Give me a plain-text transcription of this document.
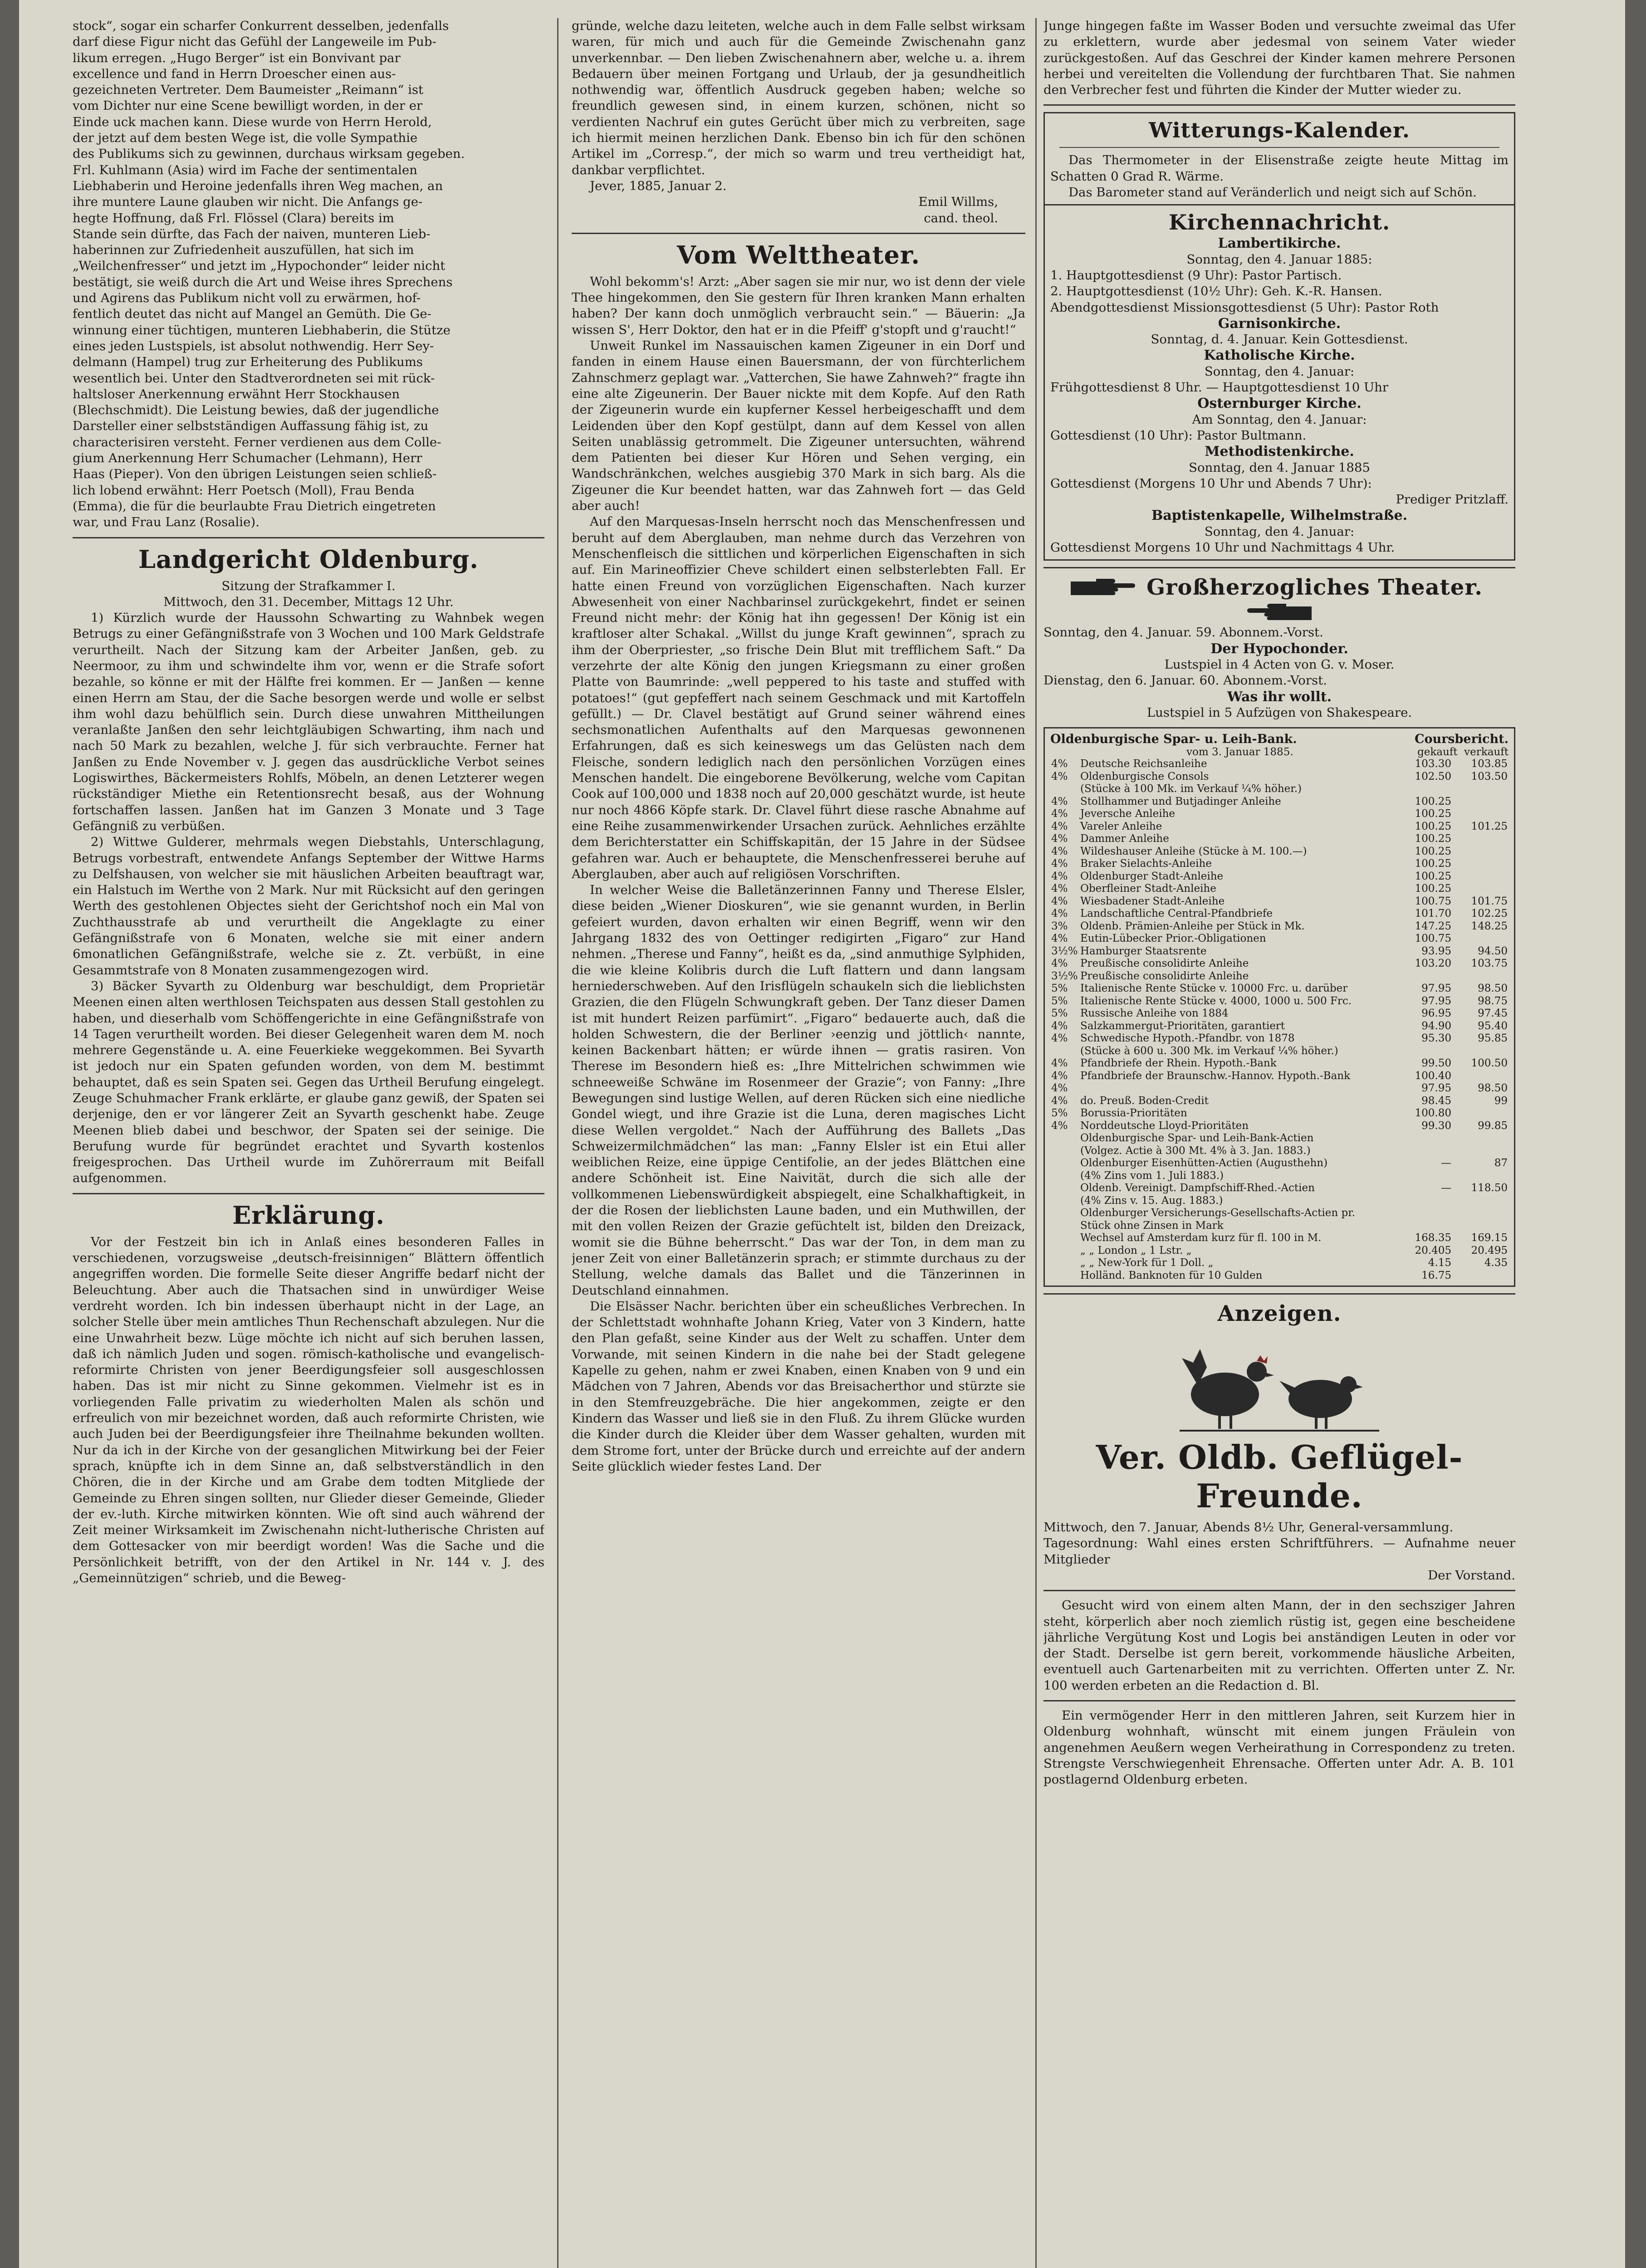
stock“, sogar ein scharfer Conkurrent desselben, jedenfalls

darf diese Figur nicht das Gefühl der Langeweile im Pub-

likum erregen. „Hugo Berger“ ist ein Bonvivant par

excellence und fand in Herrn Droescher einen aus-

gezeichneten Vertreter. Dem Baumeister „Reimann“ ist

vom Dichter nur eine Scene bewilligt worden, in der er

Einde uck machen kann. Diese wurde von Herrn Herold,

der jetzt auf dem besten Wege ist, die volle Sympathie

des Publikums sich zu gewinnen, durchaus wirksam gegeben.

Frl. Kuhlmann (Asia) wird im Fache der sentimentalen

Liebhaberin und Heroine jedenfalls ihren Weg machen, an

ihre muntere Laune glauben wir nicht. Die Anfangs ge-

hegte Hoffnung, daß Frl. Flössel (Clara) bereits im

Stande sein dürfte, das Fach der naiven, munteren Lieb-

haberinnen zur Zufriedenheit auszufüllen, hat sich im

„Weilchenfresser“ und jetzt im „Hypochonder“ leider nicht

bestätigt, sie weiß durch die Art und Weise ihres Sprechens

und Agirens das Publikum nicht voll zu erwärmen, hof-

fentlich deutet das nicht auf Mangel an Gemüth. Die Ge-

winnung einer tüchtigen, munteren Liebhaberin, die Stütze

eines jeden Lustspiels, ist absolut nothwendig. Herr Sey-

delmann (Hampel) trug zur Erheiterung des Publikums

wesentlich bei. Unter den Stadtverordneten sei mit rück-

haltsloser Anerkennung erwähnt Herr Stockhausen

(Blechschmidt). Die Leistung bewies, daß der jugendliche

Darsteller einer selbstständigen Auffassung fähig ist, zu

characterisiren versteht. Ferner verdienen aus dem Colle-

gium Anerkennung Herr Schumacher (Lehmann), Herr

Haas (Pieper). Von den übrigen Leistungen seien schließ-

lich lobend erwähnt: Herr Poetsch (Moll), Frau Benda

(Emma), die für die beurlaubte Frau Dietrich eingetreten

war, und Frau Lanz (Rosalie).

Landgericht Oldenburg.

Sitzung der Strafkammer I.

Mittwoch, den 31. December, Mittags 12 Uhr.

1) Kürzlich wurde der Haussohn Schwarting zu Wahnbek wegen Betrugs zu einer Gefängnißstrafe von 3 Wochen und 100 Mark Geldstrafe verurtheilt. Nach der Sitzung kam der Arbeiter Janßen, geb. zu Neermoor, zu ihm und schwindelte ihm vor, wenn er die Strafe sofort bezahle, so könne er mit der Hälfte frei kommen. Er — Janßen — kenne einen Herrn am Stau, der die Sache besorgen werde und wolle er selbst ihm wohl dazu behülflich sein. Durch diese unwahren Mittheilungen veranlaßte Janßen den sehr leichtgläubigen Schwarting, ihm nach und nach 50 Mark zu bezahlen, welche J. für sich verbrauchte. Ferner hat Janßen zu Ende November v. J. gegen das ausdrückliche Verbot seines Logiswirthes, Bäckermeisters Rohlfs, Möbeln, an denen Letzterer wegen rückständiger Miethe ein Retentionsrecht besaß, aus der Wohnung fortschaffen lassen. Janßen hat im Ganzen 3 Monate und 3 Tage Gefängniß zu verbüßen.

2) Wittwe Gulderer, mehrmals wegen Diebstahls, Unterschlagung, Betrugs vorbestraft, entwendete Anfangs September der Wittwe Harms zu Delfshausen, von welcher sie mit häuslichen Arbeiten beauftragt war, ein Halstuch im Werthe von 2 Mark. Nur mit Rücksicht auf den geringen Werth des gestohlenen Objectes sieht der Gerichtshof noch ein Mal von Zuchthausstrafe ab und verurtheilt die Angeklagte zu einer Gefängnißstrafe von 6 Monaten, welche sie mit einer andern 6monatlichen Gefängnißstrafe, welche sie z. Zt. verbüßt, in eine Gesammtstrafe von 8 Monaten zusammengezogen wird.

3) Bäcker Syvarth zu Oldenburg war beschuldigt, dem Proprietär Meenen einen alten werthlosen Teichspaten aus dessen Stall gestohlen zu haben, und dieserhalb vom Schöffengerichte in eine Gefängnißstrafe von 14 Tagen verurtheilt worden. Bei dieser Gelegenheit waren dem M. noch mehrere Gegenstände u. A. eine Feuerkieke weggekommen. Bei Syvarth ist jedoch nur ein Spaten gefunden worden, von dem M. bestimmt behauptet, daß es sein Spaten sei. Gegen das Urtheil Berufung eingelegt. Zeuge Schuhmacher Frank erklärte, er glaube ganz gewiß, der Spaten sei derjenige, den er vor längerer Zeit an Syvarth geschenkt habe. Zeuge Meenen blieb dabei und beschwor, der Spaten sei der seinige. Die Berufung wurde für begründet erachtet und Syvarth kostenlos freigesprochen. Das Urtheil wurde im Zuhörerraum mit Beifall aufgenommen.

Erklärung.

Vor der Festzeit bin ich in Anlaß eines besonderen Falles in verschiedenen, vorzugsweise „deutsch-freisinnigen“ Blättern öffentlich angegriffen worden. Die formelle Seite dieser Angriffe bedarf nicht der Beleuchtung. Aber auch die Thatsachen sind in unwürdiger Weise verdreht worden. Ich bin indessen überhaupt nicht in der Lage, an solcher Stelle über mein amtliches Thun Rechenschaft abzulegen. Nur die eine Unwahrheit bezw. Lüge möchte ich nicht auf sich beruhen lassen, daß ich nämlich Juden und sogen. römisch-katholische und evangelisch-reformirte Christen von jener Beerdigungsfeier soll ausgeschlossen haben. Das ist mir nicht zu Sinne gekommen. Vielmehr ist es in vorliegenden Falle privatim zu wiederholten Malen als schön und erfreulich von mir bezeichnet worden, daß auch reformirte Christen, wie auch Juden bei der Beerdigungsfeier ihre Theilnahme bekunden wollten. Nur da ich in der Kirche von der gesanglichen Mitwirkung bei der Feier sprach, knüpfte ich in dem Sinne an, daß selbstverständlich in den Chören, die in der Kirche und am Grabe dem todten Mitgliede der Gemeinde zu Ehren singen sollten, nur Glieder dieser Gemeinde, Glieder der ev.-luth. Kirche mitwirken könnten. Wie oft sind auch während der Zeit meiner Wirksamkeit im Zwischenahn nicht-lutherische Christen auf dem Gottesacker von mir beerdigt worden! Was die Sache und die Persönlichkeit betrifft, von der den Artikel in Nr. 144 v. J. des „Gemeinnützigen“ schrieb, und die Beweg-

gründe, welche dazu leiteten, welche auch in dem Falle selbst wirksam waren, für mich und auch für die Gemeinde Zwischenahn ganz unverkennbar. — Den lieben Zwischenahnern aber, welche u. a. ihrem Bedauern über meinen Fortgang und Urlaub, der ja gesundheitlich nothwendig war, öffentlich Ausdruck gegeben haben; welche so freundlich gewesen sind, in einem kurzen, schönen, nicht so verdienten Nachruf ein gutes Gerücht über mich zu verbreiten, sage ich hiermit meinen herzlichen Dank. Ebenso bin ich für den schönen Artikel im „Corresp.“, der mich so warm und treu vertheidigt hat, dankbar verpflichtet.

Jever, 1885, Januar 2.

Emil Willms,

cand. theol.

Vom Welttheater.

Wohl bekomm's! Arzt: „Aber sagen sie mir nur, wo ist denn der viele Thee hingekommen, den Sie gestern für Ihren kranken Mann erhalten haben? Der kann doch unmöglich verbraucht sein.“ — Bäuerin: „Ja wissen S', Herr Doktor, den hat er in die Pfeiff' g'stopft und g'raucht!“

Unweit Runkel im Nassauischen kamen Zigeuner in ein Dorf und fanden in einem Hause einen Bauersmann, der von fürchterlichem Zahnschmerz geplagt war. „Vatterchen, Sie hawe Zahnweh?“ fragte ihn eine alte Zigeunerin. Der Bauer nickte mit dem Kopfe. Auf den Rath der Zigeunerin wurde ein kupferner Kessel herbeigeschafft und dem Leidenden über den Kopf gestülpt, dann auf dem Kessel von allen Seiten unablässig getrommelt. Die Zigeuner untersuchten, während dem Patienten bei dieser Kur Hören und Sehen verging, ein Wandschränkchen, welches ausgiebig 370 Mark in sich barg. Als die Zigeuner die Kur beendet hatten, war das Zahnweh fort — das Geld aber auch!

Auf den Marquesas-Inseln herrscht noch das Menschenfressen und beruht auf dem Aberglauben, man nehme durch das Verzehren von Menschenfleisch die sittlichen und körperlichen Eigenschaften in sich auf. Ein Marineoffizier Cheve schildert einen selbsterlebten Fall. Er hatte einen Freund von vorzüglichen Eigenschaften. Nach kurzer Abwesenheit von einer Nachbarinsel zurückgekehrt, findet er seinen Freund nicht mehr: der König hat ihn gegessen! Der König ist ein kraftloser alter Schakal. „Willst du junge Kraft gewinnen“, sprach zu ihm der Oberpriester, „so frische Dein Blut mit trefflichem Saft.“ Da verzehrte der alte König den jungen Kriegsmann zu einer großen Platte von Baumrinde: „well peppered to his taste and stuffed with potatoes!“ (gut gepfeffert nach seinem Geschmack und mit Kartoffeln gefüllt.) — Dr. Clavel bestätigt auf Grund seiner während eines sechsmonatlichen Aufenthalts auf den Marquesas gewonnenen Erfahrungen, daß es sich keineswegs um das Gelüsten nach dem Fleische, sondern lediglich nach den persönlichen Vorzügen eines Menschen handelt. Die eingeborene Bevölkerung, welche vom Capitan Cook auf 100,000 und 1838 noch auf 20,000 geschätzt wurde, ist heute nur noch 4866 Köpfe stark. Dr. Clavel führt diese rasche Abnahme auf eine Reihe zusammenwirkender Ursachen zurück. Aehnliches erzählte dem Berichterstatter ein Schiffskapitän, der 15 Jahre in der Südsee gefahren war. Auch er behauptete, die Menschenfresserei beruhe auf Aberglauben, aber auch auf religiösen Vorschriften.

In welcher Weise die Balletänzerinnen Fanny und Therese Elsler, diese beiden „Wiener Dioskuren“, wie sie genannt wurden, in Berlin gefeiert wurden, davon erhalten wir einen Begriff, wenn wir den Jahrgang 1832 des von Oettinger redigirten „Figaro“ zur Hand nehmen. „Therese und Fanny“, heißt es da, „sind anmuthige Sylphiden, die wie kleine Kolibris durch die Luft flattern und dann langsam herniederschweben. Auf den Irisflügeln schaukeln sich die lieblichsten Grazien, die den Flügeln Schwungkraft geben. Der Tanz dieser Damen ist mit hundert Reizen parfümirt“. „Figaro“ bedauerte auch, daß die holden Schwestern, die der Berliner ›eenzig und jöttlich‹ nannte, keinen Backenbart hätten; er würde ihnen — gratis rasiren. Von Therese im Besondern hieß es: „Ihre Mittelrichen schwimmen wie schneeweiße Schwäne im Rosenmeer der Grazie“; von Fanny: „Ihre Bewegungen sind lustige Wellen, auf deren Rücken sich eine niedliche Gondel wiegt, und ihre Grazie ist die Luna, deren magisches Licht diese Wellen vergoldet.“ Nach der Aufführung des Ballets „Das Schweizermilchmädchen“ las man: „Fanny Elsler ist ein Etui aller weiblichen Reize, eine üppige Centifolie, an der jedes Blättchen eine andere Schönheit ist. Eine Naivität, durch die sich alle der vollkommenen Liebenswürdigkeit abspiegelt, eine Schalkhaftigkeit, in der die Rosen der lieblichsten Laune baden, und ein Muthwillen, der mit den vollen Reizen der Grazie gefüchtelt ist, bilden den Dreizack, womit sie die Bühne beherrscht.“ Das war der Ton, in dem man zu jener Zeit von einer Balletänzerin sprach; er stimmte durchaus zu der Stellung, welche damals das Ballet und die Tänzerinnen in Deutschland einnahmen.

Die Elsässer Nachr. berichten über ein scheußliches Verbrechen. In der Schlettstadt wohnhafte Johann Krieg, Vater von 3 Kindern, hatte den Plan gefaßt, seine Kinder aus der Welt zu schaffen. Unter dem Vorwande, mit seinen Kindern in die nahe bei der Stadt gelegene Kapelle zu gehen, nahm er zwei Knaben, einen Knaben von 9 und ein Mädchen von 7 Jahren, Abends vor das Breisacherthor und stürzte sie in den Stemfreuzgebräche. Die hier angekommen, zeigte er den Kindern das Wasser und ließ sie in den Fluß. Zu ihrem Glücke wurden die Kinder durch die Kleider über dem Wasser gehalten, wurden mit dem Strome fort, unter der Brücke durch und erreichte auf der andern Seite glücklich wieder festes Land. Der

Junge hingegen faßte im Wasser Boden und versuchte zweimal das Ufer zu erklettern, wurde aber jedesmal von seinem Vater wieder zurückgestoßen. Auf das Geschrei der Kinder kamen mehrere Personen herbei und vereitelten die Vollendung der furchtbaren That. Sie nahmen den Verbrecher fest und führten die Kinder der Mutter wieder zu.

Witterungs-Kalender.

Das Thermometer in der Elisenstraße zeigte heute Mittag im Schatten 0 Grad R. Wärme.

Das Barometer stand auf Veränderlich und neigt sich auf Schön.

Kirchennachricht.

Lambertikirche.

Sonntag, den 4. Januar 1885:

1. Hauptgottesdienst (9 Uhr): Pastor Partisch.

2. Hauptgottesdienst (10½ Uhr): Geh. K.-R. Hansen.

Abendgottesdienst Missionsgottesdienst (5 Uhr): Pastor Roth

Garnisonkirche.

Sonntag, d. 4. Januar. Kein Gottesdienst.

Katholische Kirche.

Sonntag, den 4. Januar:

Frühgottesdienst 8 Uhr. — Hauptgottesdienst 10 Uhr

Osternburger Kirche.

Am Sonntag, den 4. Januar:

Gottesdienst (10 Uhr): Pastor Bultmann.

Methodistenkirche.

Sonntag, den 4. Januar 1885

Gottesdienst (Morgens 10 Uhr und Abends 7 Uhr):

Prediger Pritzlaff.

Baptistenkapelle, Wilhelmstraße.

Sonntag, den 4. Januar:

Gottesdienst Morgens 10 Uhr und Nachmittags 4 Uhr.

Großherzogliches Theater.

Sonntag, den 4. Januar. 59. Abonnem.-Vorst.

Der Hypochonder.

Lustspiel in 4 Acten von G. v. Moser.

Dienstag, den 6. Januar. 60. Abonnem.-Vorst.

Was ihr wollt.

Lustspiel in 5 Aufzügen von Shakespeare.

Oldenburgische Spar- u. Leih-Bank.	Coursbericht.
vom 3. Januar 1885.	gekauft verkauft
4%	Deutsche Reichsanleihe	103.30	103.85
4%	Oldenburgische Consols	102.50	103.50
	(Stücke à 100 Mk. im Verkauf ¼% höher.)		
4%	Stollhammer und Butjadinger Anleihe	100.25	
4%	Jeversche Anleihe	100.25	
4%	Vareler Anleihe	100.25	101.25
4%	Dammer Anleihe	100.25	
4%	Wildeshauser Anleihe (Stücke à M. 100.—)	100.25	
4%	Braker Sielachts-Anleihe	100.25	
4%	Oldenburger Stadt-Anleihe	100.25	
4%	Oberfleiner Stadt-Anleihe	100.25	
4%	Wiesbadener Stadt-Anleihe	100.75	101.75
4%	Landschaftliche Central-Pfandbriefe	101.70	102.25
3%	Oldenb. Prämien-Anleihe per Stück in Mk.	147.25	148.25
4%	Eutin-Lübecker Prior.-Obligationen	100.75	
3½%	Hamburger Staatsrente	93.95	94.50
4%	Preußische consolidirte Anleihe	103.20	103.75
3½%	Preußische consolidirte Anleihe		
5%	Italienische Rente Stücke v. 10000 Frc. u. darüber	97.95	98.50
5%	Italienische Rente Stücke v. 4000, 1000 u. 500 Frc.	97.95	98.75
5%	Russische Anleihe von 1884	96.95	97.45
4%	Salzkammergut-Prioritäten, garantiert	94.90	95.40
4%	Schwedische Hypoth.-Pfandbr. von 1878	95.30	95.85
	(Stücke à 600 u. 300 Mk. im Verkauf ¼% höher.)		
4%	Pfandbriefe der Rhein. Hypoth.-Bank	99.50	100.50
4%	Pfandbriefe der Braunschw.-Hannov. Hypoth.-Bank	100.40	
4%		97.95	98.50
4%	do. Preuß. Boden-Credit	98.45	99
5%	Borussia-Prioritäten	100.80	
4%	Norddeutsche Lloyd-Prioritäten	99.30	99.85
	Oldenburgische Spar- und Leih-Bank-Actien		
	(Volgez. Actie à 300 Mt. 4% à 3. Jan. 1883.)		
	Oldenburger Eisenhütten-Actien (Augusthehn)	—	87
	(4% Zins vom 1. Juli 1883.)		
	Oldenb. Vereinigt. Dampfschiff-Rhed.-Actien	—	118.50
	(4% Zins v. 15. Aug. 1883.)		
	Oldenburger Versicherungs-Gesellschafts-Actien pr.		
	Stück ohne Zinsen in Mark		
	Wechsel auf Amsterdam kurz für fl. 100 in M.	168.35	169.15
	„ „ London „ 1 Lstr. „	20.405	20.495
	„ „ New-York für 1 Doll. „	4.15	4.35
	Holländ. Banknoten für 10 Gulden	16.75	
Anzeigen.
Ver. Oldb. Geflügel-Freunde.

Mittwoch, den 7. Januar, Abends 8½ Uhr, General-versammlung.

Tagesordnung: Wahl eines ersten Schriftführers. — Aufnahme neuer Mitglieder

Der Vorstand.

Gesucht wird von einem alten Mann, der in den sechsziger Jahren steht, körperlich aber noch ziemlich rüstig ist, gegen eine bescheidene jährliche Vergütung Kost und Logis bei anständigen Leuten in oder vor der Stadt. Derselbe ist gern bereit, vorkommende häusliche Arbeiten, eventuell auch Gartenarbeiten mit zu verrichten. Offerten unter Z. Nr. 100 werden erbeten an die Redaction d. Bl.

Ein vermögender Herr in den mittleren Jahren, seit Kurzem hier in Oldenburg wohnhaft, wünscht mit einem jungen Fräulein von angenehmen Aeußern wegen Verheirathung in Correspondenz zu treten. Strengste Verschwiegenheit Ehrensache. Offerten unter Adr. A. B. 101 postlagernd Oldenburg erbeten.
